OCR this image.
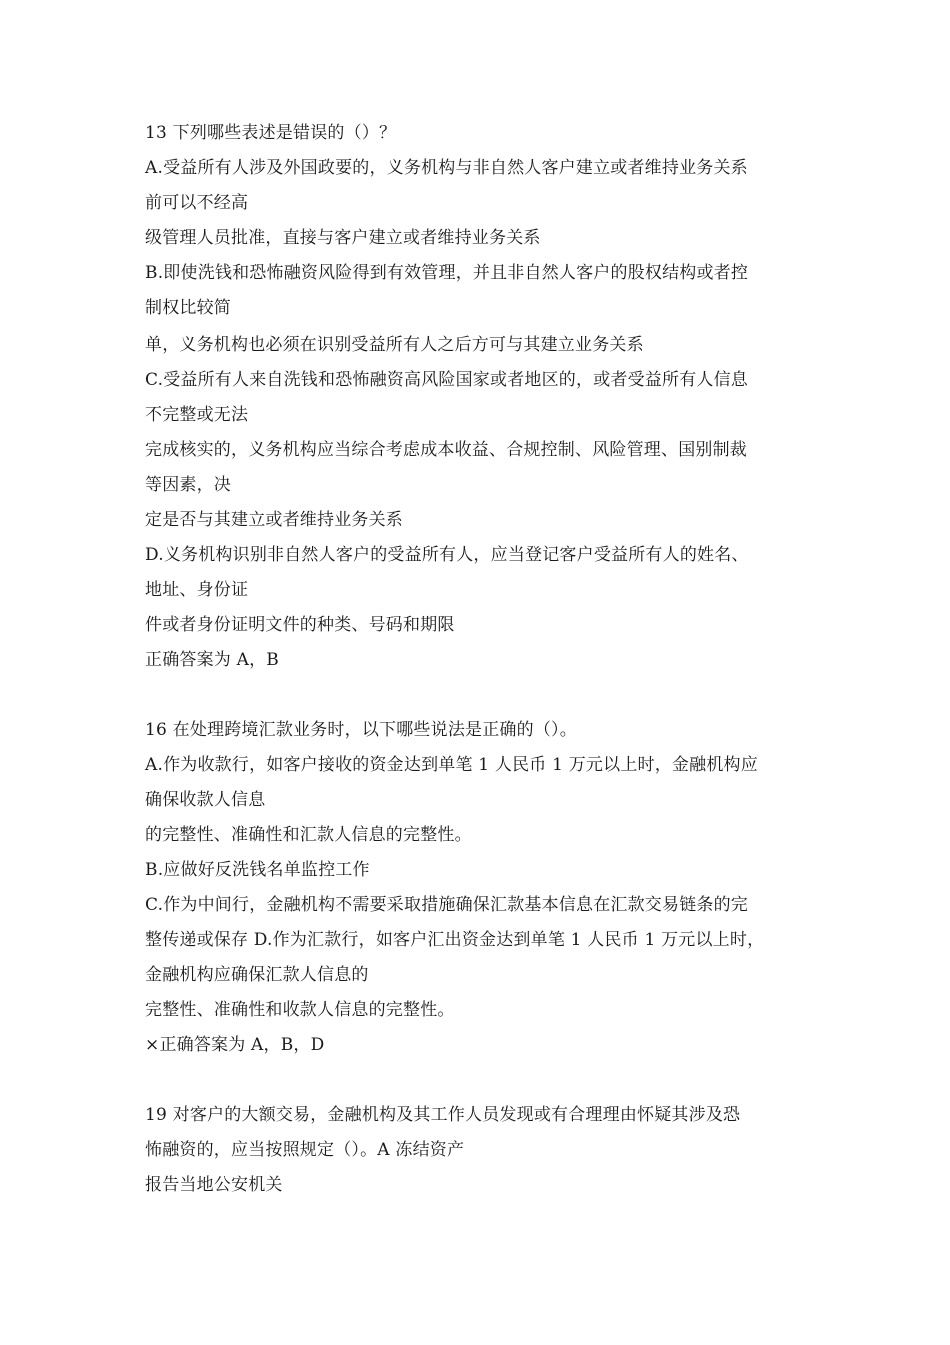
13 下列哪些表述是错误的（）？
A.受益所有人涉及外国政要的，义务机构与非自然人客户建立或者维持业务关系
前可以不经高
级管理人员批准，直接与客户建立或者维持业务关系
B.即使洗钱和恐怖融资风险得到有效管理，并且非自然人客户的股权结构或者控
制权比较简
单，义务机构也必须在识别受益所有人之后方可与其建立业务关系
C.受益所有人来自洗钱和恐怖融资高风险国家或者地区的，或者受益所有人信息
不完整或无法
完成核实的，义务机构应当综合考虑成本收益、合规控制、风险管理、国别制裁
等因素，决
定是否与其建立或者维持业务关系
D.义务机构识别非自然人客户的受益所有人，应当登记客户受益所有人的姓名、
地址、身份证
件或者身份证明文件的种类、号码和期限
正确答案为 A，B
16 在处理跨境汇款业务时，以下哪些说法是正确的（）。
A.作为收款行，如客户接收的资金达到单笔 1 人民币 1 万元以上时，金融机构应
确保收款人信息
的完整性、准确性和汇款人信息的完整性。
B.应做好反洗钱名单监控工作
C.作为中间行，金融机构不需要采取措施确保汇款基本信息在汇款交易链条的完
整传递或保存 D.作为汇款行，如客户汇出资金达到单笔 1 人民币 1 万元以上时，
金融机构应确保汇款人信息的
完整性、准确性和收款人信息的完整性。
×正确答案为 A，B，D
19 对客户的大额交易，金融机构及其工作人员发现或有合理理由怀疑其涉及恐
怖融资的，应当按照规定（）。A 冻结资产
报告当地公安机关
